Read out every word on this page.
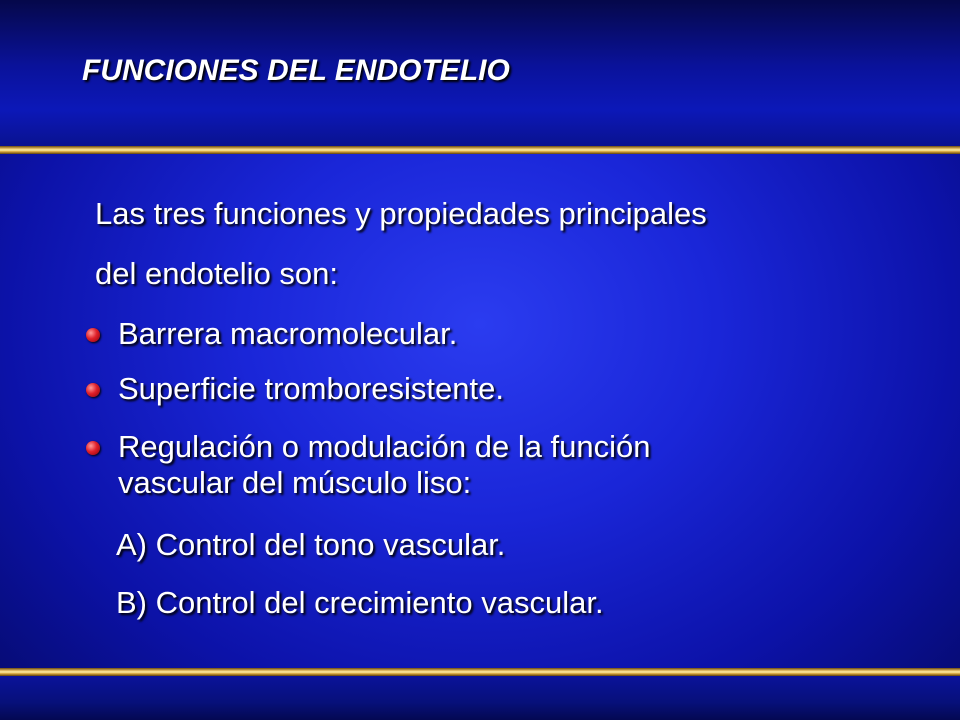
FUNCIONES DEL ENDOTELIO

Las tres funciones y propiedades principales

del endotelio son:

Barrera macromolecular.

Superficie tromboresistente.

Regulación o modulación de la función

vascular del músculo liso:

A) Control del tono vascular.

B) Control del crecimiento vascular.
